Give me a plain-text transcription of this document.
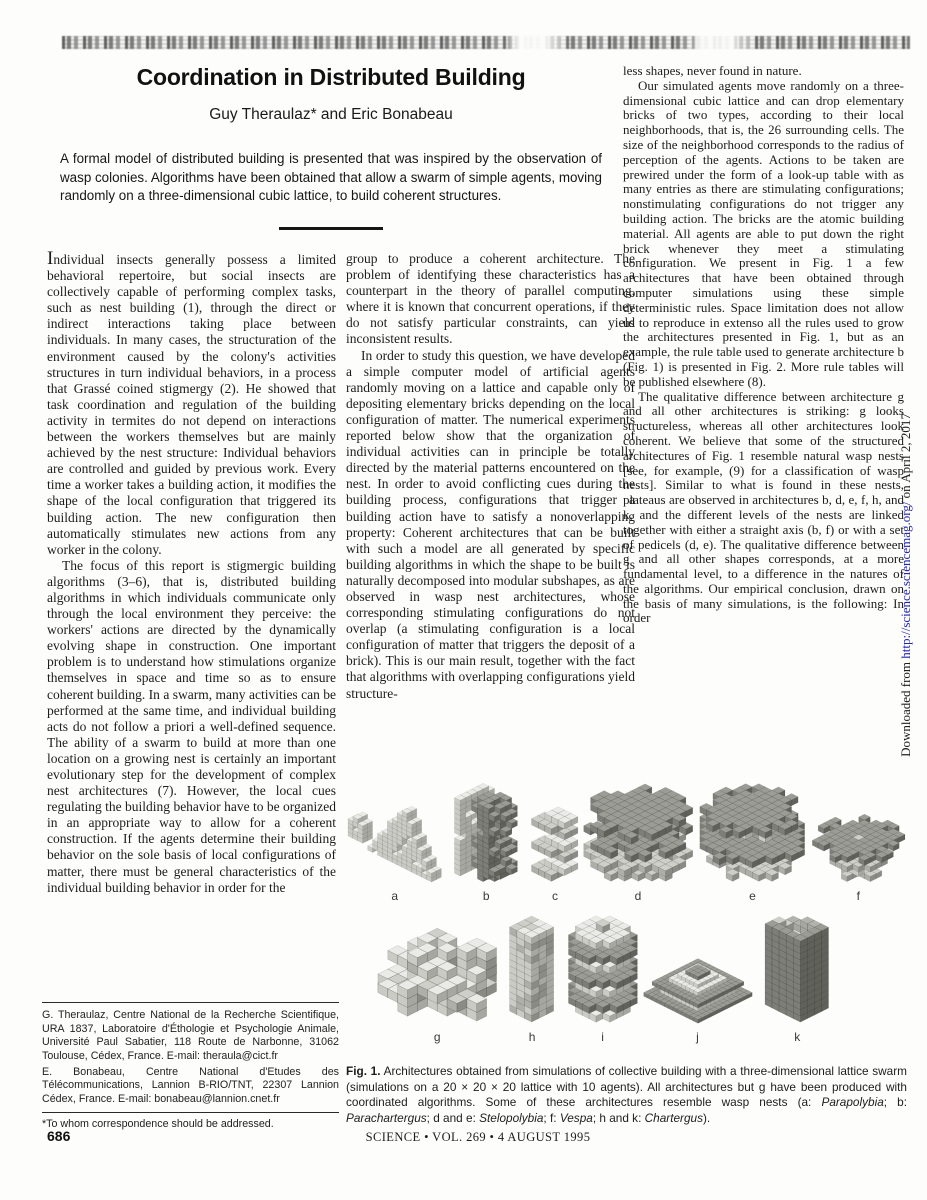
Coordination in Distributed Building
Guy Theraulaz* and Eric Bonabeau
A formal model of distributed building is presented that was inspired by the observation of wasp colonies. Algorithms have been obtained that allow a swarm of simple agents, moving randomly on a three-dimensional cubic lattice, to build coherent structures.

Individual insects generally possess a limited behavioral repertoire, but social insects are collectively capable of performing complex tasks, such as nest building (1), through the direct or indirect interactions taking place between individuals. In many cases, the structuration of the environment caused by the colony's activities structures in turn individual behaviors, in a process that Grassé coined stigmergy (2). He showed that task coordination and regulation of the building activity in termites do not depend on interactions between the workers themselves but are mainly achieved by the nest structure: Individual behaviors are controlled and guided by previous work. Every time a worker takes a building action, it modifies the shape of the local configuration that triggered its building action. The new configuration then automatically stimulates new actions from any worker in the colony.

The focus of this report is stigmergic building algorithms (3–6), that is, distributed building algorithms in which individuals communicate only through the local environment they perceive: the workers' actions are directed by the dynamically evolving shape in construction. One important problem is to understand how stimulations organize themselves in space and time so as to ensure coherent building. In a swarm, many activities can be performed at the same time, and individual building acts do not follow a priori a well-defined sequence. The ability of a swarm to build at more than one location on a growing nest is certainly an important evolutionary step for the development of complex nest architectures (7). However, the local cues regulating the building behavior have to be organized in an appropriate way to allow for a coherent construction. If the agents determine their building behavior on the sole basis of local configurations of matter, there must be general characteristics of the individual building behavior in order for the

group to produce a coherent architecture. The problem of identifying these characteristics has a counterpart in the theory of parallel computing, where it is known that concurrent operations, if they do not satisfy particular constraints, can yield inconsistent results.

In order to study this question, we have developed a simple computer model of artificial agents randomly moving on a lattice and capable only of depositing elementary bricks depending on the local configuration of matter. The numerical experiments reported below show that the organization of individual activities can in principle be totally directed by the material patterns encountered on the nest. In order to avoid conflicting cues during the building process, configurations that trigger a building action have to satisfy a nonoverlapping property: Coherent architectures that can be built with such a model are all generated by specific building algorithms in which the shape to be built is naturally decomposed into modular subshapes, as are observed in wasp nest architectures, whose corresponding stimulating configurations do not overlap (a stimulating configuration is a local configuration of matter that triggers the deposit of a brick). This is our main result, together with the fact that algorithms with overlapping configurations yield structure-

less shapes, never found in nature.

Our simulated agents move randomly on a three-dimensional cubic lattice and can drop elementary bricks of two types, according to their local neighborhoods, that is, the 26 surrounding cells. The size of the neighborhood corresponds to the radius of perception of the agents. Actions to be taken are prewired under the form of a look-up table with as many entries as there are stimulating configurations; nonstimulating configurations do not trigger any building action. The bricks are the atomic building material. All agents are able to put down the right brick whenever they meet a stimulating configuration. We present in Fig. 1 a few architectures that have been obtained through computer simulations using these simple deterministic rules. Space limitation does not allow us to reproduce in extenso all the rules used to grow the architectures presented in Fig. 1, but as an example, the rule table used to generate architecture b (Fig. 1) is presented in Fig. 2. More rule tables will be published elsewhere (8).

The qualitative difference between architecture g and all other architectures is striking: g looks structureless, whereas all other architectures look coherent. We believe that some of the structured architectures of Fig. 1 resemble natural wasp nests [see, for example, (9) for a classification of wasp nests]. Similar to what is found in these nests, plateaus are observed in architectures b, d, e, f, h, and k, and the different levels of the nests are linked together with either a straight axis (b, f) or with a set of pedicels (d, e). The qualitative difference between g and all other shapes corresponds, at a more fundamental level, to a difference in the natures of the algorithms. Our empirical conclusion, drawn on the basis of many simulations, is the following: In order

G. Theraulaz, Centre National de la Recherche Scientifique, URA 1837, Laboratoire d'Éthologie et Psychologie Animale, Université Paul Sabatier, 118 Route de Narbonne, 31062 Toulouse, Cédex, France. E-mail: theraula@cict.fr

E. Bonabeau, Centre National d'Etudes des Télécommunications, Lannion B-RIO/TNT, 22307 Lannion Cédex, France. E-mail: bonabeau@lannion.cnet.fr

*To whom correspondence should be addressed.

a	b	c	d	e	f
g	h	i	j	k
Fig. 1. Architectures obtained from simulations of collective building with a three-dimensional lattice swarm (simulations on a 20 × 20 × 20 lattice with 10 agents). All architectures but g have been produced with coordinated algorithms. Some of these architectures resemble wasp nests (a: Parapolybia; b: Parachartergus; d and e: Stelopolybia; f: Vespa; h and k: Chartergus).
686	SCIENCE • VOL. 269 • 4 AUGUST 1995
Downloaded from http://science.sciencemag.org/ on April 2, 2017
